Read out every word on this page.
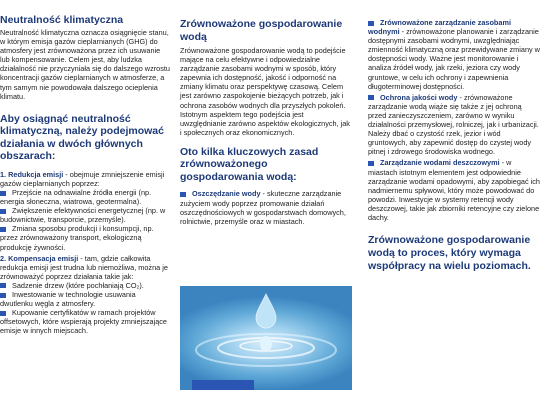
Neutralność klimatyczna

Neutralność klimatyczna oznacza osiągnięcie stanu, w którym emisja gazów cieplarnianych (GHG) do atmosfery jest zrównoważona przez ich usuwanie lub kompensowanie. Celem jest, aby ludzka działalność nie przyczyniała się do dalszego wzrostu koncentracji gazów cieplarnianych w atmosferze, a tym samym nie powodowała dalszego ocieplenia klimatu.

Aby osiągnąć neutralność klimatyczną, należy podejmować działania w dwóch głównych obszarach:

1. Redukcja emisji - obejmuje zmniejszenie emisji gazów cieplarnianych poprzez:

Przejście na odnawialne źródła energii (np. energia słoneczna, wiatrowa, geotermalna).

Zwiększenie efektywności energetycznej (np. w budownictwie, transporcie, przemyśle).

Zmiana sposobu produkcji i konsumpcji, np. przez zrównoważony transport, ekologiczną produkcję żywności.

2. Kompensacja emisji - tam, gdzie całkowita redukcja emisji jest trudna lub niemożliwa, można je zrównoważyć poprzez działania takie jak:

Sadzenie drzew (które pochłaniają CO₂).

Inwestowanie w technologie usuwania dwutlenku węgla z atmosfery.

Kupowanie certyfikatów w ramach projektów offsetowych, które wspierają projekty zmniejszające emisje w innych miejscach.

Zrównoważone gospodarowanie wodą

Zrównoważone gospodarowanie wodą to podejście mające na celu efektywne i odpowiedzialne zarządzanie zasobami wodnymi w sposób, który zapewnia ich dostępność, jakość i odporność na zmiany klimatu oraz perspektywę czasową. Celem jest zarówno zaspokojenie bieżących potrzeb, jak i ochrona zasobów wodnych dla przyszłych pokoleń. Istotnym aspektem tego podejścia jest uwzględnianie zarówno aspektów ekologicznych, jak i społecznych oraz ekonomicznych.

Oto kilka kluczowych zasad zrównoważonego gospodarowania wodą:

Oszczędzanie wody - skuteczne zarządzanie zużyciem wody poprzez promowanie działań oszczędnościowych w gospodarstwach domowych, rolnictwie, przemyśle oraz w miastach.

Zrównoważone zarządzanie zasobami wodnymi - zrównoważone planowanie i zarządzanie dostępnymi zasobami wodnymi, uwzględniając zmienność klimatyczną oraz przewidywane zmiany w dostępności wody. Ważne jest monitorowanie i analiza źródeł wody, jak rzeki, jeziora czy wody gruntowe, w celu ich ochrony i zapewnienia długoterminowej dostępności.

Ochrona jakości wody - zrównoważone zarządzanie wodą wiąże się także z jej ochroną przed zanieczyszczeniem, zarówno w wyniku działalności przemysłowej, rolniczej, jak i urbanizacji. Należy dbać o czystość rzek, jezior i wód gruntowych, aby zapewnić dostęp do czystej wody pitnej i zdrowego środowiska wodnego.

Zarządzanie wodami deszczowymi - w miastach istotnym elementem jest odpowiednie zarządzanie wodami opadowymi, aby zapobiegać ich nadmiernemu spływowi, który może powodować do powodzi. Inwestycje w systemy retencji wody deszczowej, takie jak zbiorniki retencyjne czy zielone dachy.

Zrównoważone gospodarowanie wodą to proces, który wymaga współpracy na wielu poziomach.
